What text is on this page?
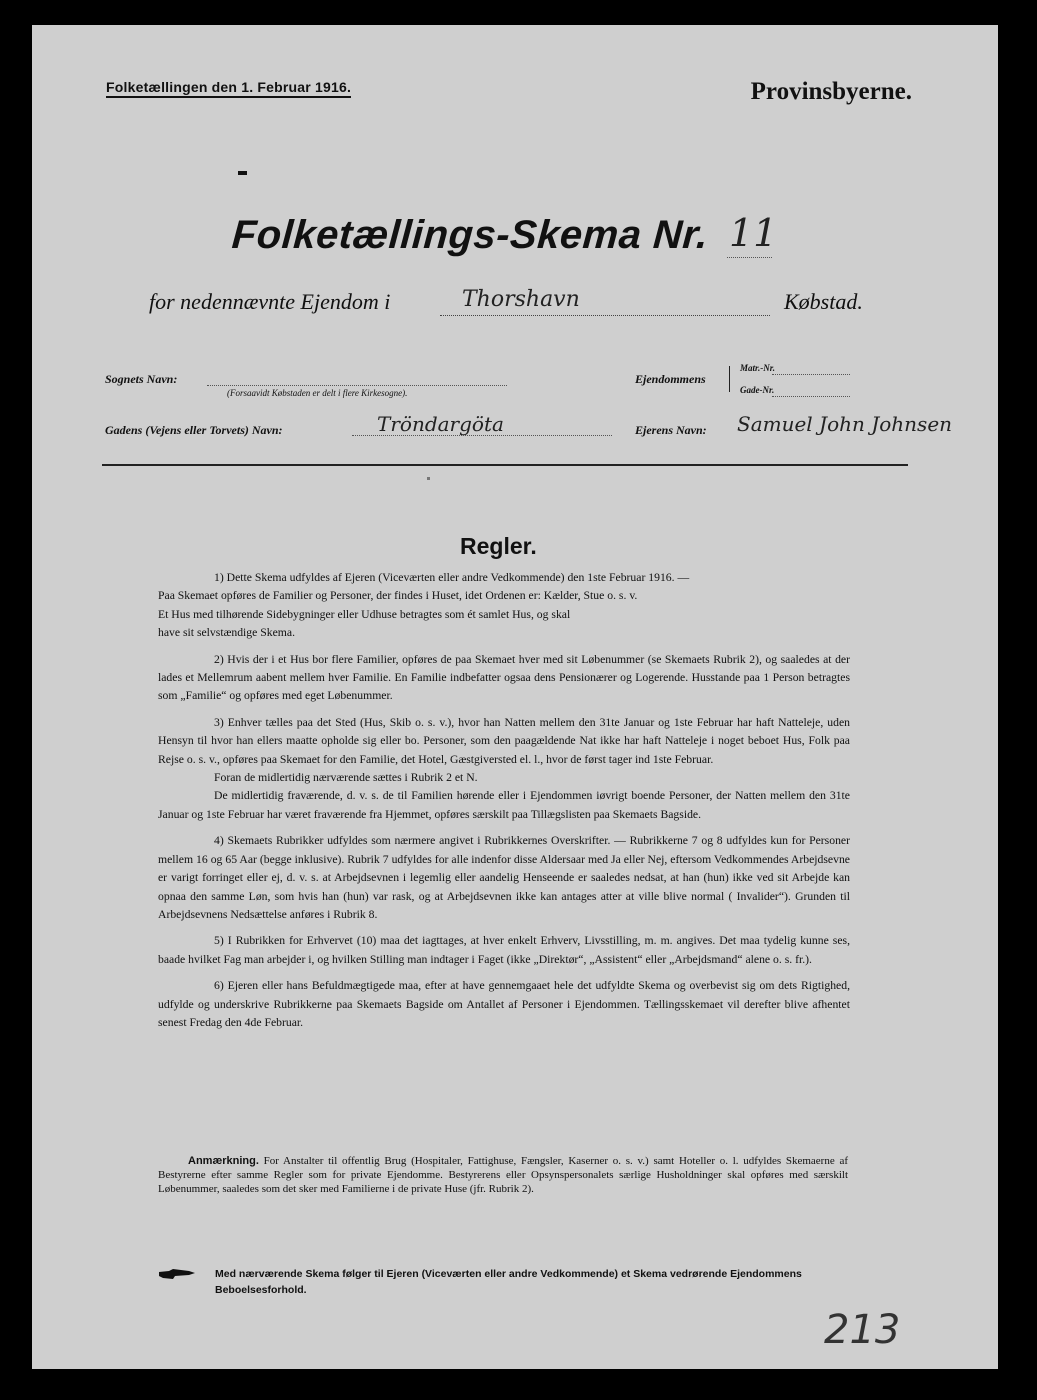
Folketællingen den 1. Februar 1916.	Provinsbyerne.
Folketællings-Skema Nr. 11
for nedennævnte Ejendom i	Thorshavn	Købstad.
Sognets Navn:
(Forsaavidt Købstaden er delt i flere Kirkesogne).
Ejendommens
Matr.-Nr.
Gade-Nr.
Gadens (Vejens eller Torvets) Navn:	Tröndargöta	Ejerens Navn: Samuel John Johnsen
Regler.

1) Dette Skema udfyldes af Ejeren (Viceværten eller andre Vedkommende) den 1ste Februar 1916. —
Paa Skemaet opføres de Familier og Personer, der findes i Huset, idet Ordenen er: Kælder, Stue o. s. v.
Et Hus med tilhørende Sidebygninger eller Udhuse betragtes som ét samlet Hus, og skal
have sit selvstændige Skema.

2) Hvis der i et Hus bor flere Familier, opføres de paa Skemaet hver med sit Løbenummer (se Skemaets Rubrik 2), og saaledes at der lades et Mellemrum aabent mellem hver Familie. En Familie indbefatter ogsaa dens Pensionærer og Logerende. Husstande paa 1 Person betragtes som „Familie“ og opføres med eget Løbenummer.

3) Enhver tælles paa det Sted (Hus, Skib o. s. v.), hvor han Natten mellem den 31te Januar og 1ste Februar har haft Natteleje, uden Hensyn til hvor han ellers maatte opholde sig eller bo. Personer, som den paagældende Nat ikke har haft Natteleje i noget beboet Hus, Folk paa Rejse o. s. v., opføres paa Skemaet for den Familie, det Hotel, Gæstgiversted el. l., hvor de først tager ind 1ste Februar.

Foran de midlertidig nærværende sættes i Rubrik 2 et N.

De midlertidig fraværende, d. v. s. de til Familien hørende eller i Ejendommen iøvrigt boende Personer, der Natten mellem den 31te Januar og 1ste Februar har været fraværende fra Hjemmet, opføres særskilt paa Tillægslisten paa Skemaets Bagside.

4) Skemaets Rubrikker udfyldes som nærmere angivet i Rubrikkernes Overskrifter. — Rubrikkerne 7 og 8 udfyldes kun for Personer mellem 16 og 65 Aar (begge inklusive). Rubrik 7 udfyldes for alle indenfor disse Aldersaar med Ja eller Nej, eftersom Vedkommendes Arbejdsevne er varigt forringet eller ej, d. v. s. at Arbejdsevnen i legemlig eller aandelig Henseende er saaledes nedsat, at han (hun) ikke ved sit Arbejde kan opnaa den samme Løn, som hvis han (hun) var rask, og at Arbejdsevnen ikke kan antages atter at ville blive normal ( Invalider“). Grunden til Arbejdsevnens Nedsættelse anføres i Rubrik 8.

5) I Rubrikken for Erhvervet (10) maa det iagttages, at hver enkelt Erhverv, Livsstilling, m. m. angives. Det maa tydelig kunne ses, baade hvilket Fag man arbejder i, og hvilken Stilling man indtager i Faget (ikke „Direktør“, „Assistent“ eller „Arbejdsmand“ alene o. s. fr.).

6) Ejeren eller hans Befuldmægtigede maa, efter at have gennemgaaet hele det udfyldte Skema og overbevist sig om dets Rigtighed, udfylde og underskrive Rubrikkerne paa Skemaets Bagside om Antallet af Personer i Ejendommen. Tællingsskemaet vil derefter blive afhentet senest Fredag den 4de Februar.

Anmærkning. For Anstalter til offentlig Brug (Hospitaler, Fattighuse, Fængsler, Kaserner o. s. v.) samt Hoteller o. l. udfyldes Skemaerne af Bestyrerne efter samme Regler som for private Ejendomme. Bestyrerens eller Opsynspersonalets særlige Husholdninger skal opføres med særskilt Løbenummer, saaledes som det sker med Familierne i de private Huse (jfr. Rubrik 2).
Med nærværende Skema følger til Ejeren (Viceværten eller andre Vedkommende) et Skema vedrørende Ejendommens Beboelsesforhold.
213
